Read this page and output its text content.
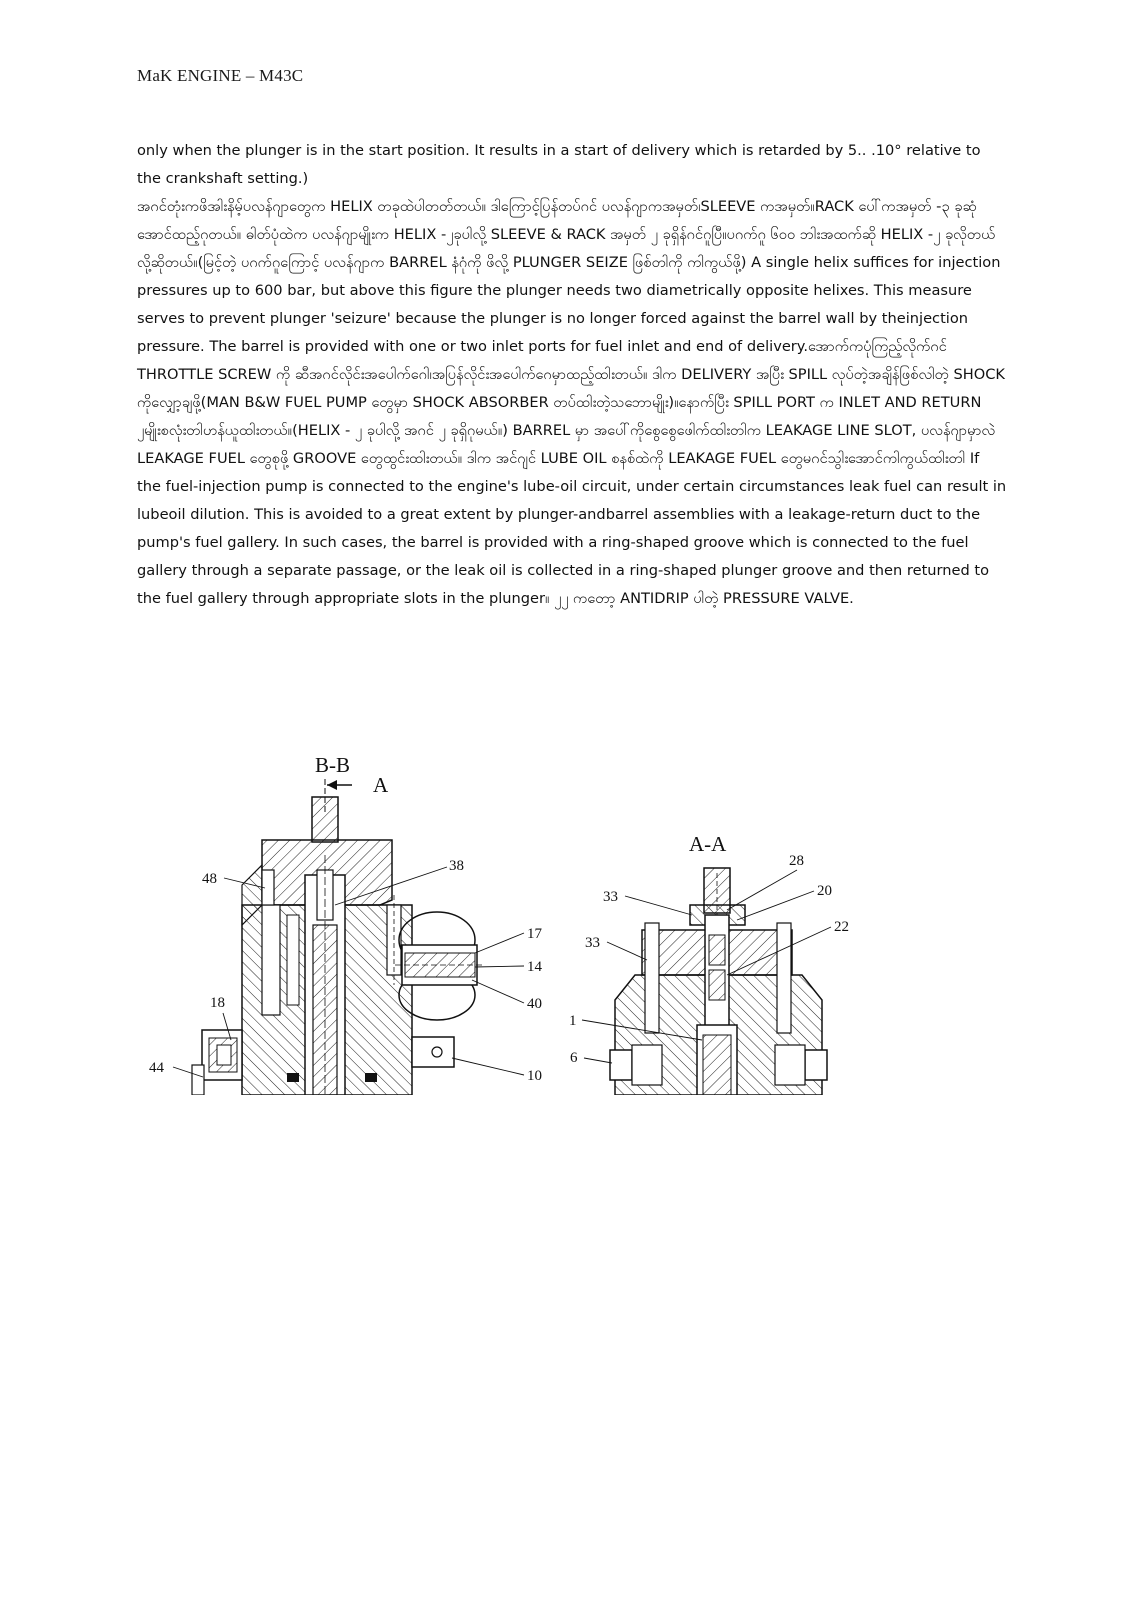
MaK ENGINE – M43C

only when the plunger is in the start position. It results in a start of delivery which is retarded by 5.. .10° relative to the crankshaft setting.)
အဂင်တုံးကဖိအါးနိမ့်ပလန်ဂျာတွေက HELIX တခုထဲပါတတ်တယ်။ ဒါကြောင့်ပြန်တပ်ဂင် ပလန်ဂျာကအမှတ်၊SLEEVE ကအမှတ်။RACK ပေါ်ကအမှတ် -၃ ခုဆုံအောင်ထည့်ဂုတယ်။ ဓါတ်ပုံထဲက ပလန်ဂျာမျိုးက HELIX -၂ခုပါလို့ SLEEVE & RACK အမှတ် ၂ ခုရှိန်ဂင်ဂူပြီ။ပဂက်ဂူ ၆၀၀ ဘါးအထက်ဆို HELIX -၂ ခုလိုတယ်လို့ဆိုတယ်။(မြင့်တဲ့ ပဂက်ဂူကြောင့် ပလန်ဂျာက BARREL နံဂုံကို ဖိလို့ PLUNGER SEIZE ဖြစ်တါကို ကါကွယ်ဖို့) A single helix suffices for injection pressures up to 600 bar, but above this figure the plunger needs two diametrically opposite helixes. This measure serves to prevent plunger 'seizure' because the plunger is no longer forced against the barrel wall by theinjection pressure. The barrel is provided with one or two inlet ports for fuel inlet and end of delivery.အောက်ကပုံကြည့်လိုက်ဂင် THROTTLE SCREW ကို ဆီအဂင်လိုင်းအပေါက်ဂေါ၊အပြန်လိုင်းအပေါက်ဂေမှာထည့်ထါးတယ်။ ဒါက DELIVERY အပြီး SPILL လုပ်တဲ့အချိန်ဖြစ်လါတဲ့ SHOCK ကိုလျှော့ချဖို့(MAN B&W FUEL PUMP တွေမှာ SHOCK ABSORBER တပ်ထါးတဲ့သဘောမျိုး)။နောက်ပြီး SPILL PORT က INLET AND RETURN ၂မျိုးစလုံးတါဟန်ယူထါးတယ်။(HELIX - ၂ ခုပါလို့ အဂင် ၂ ခုရှိဂုမယ်။) BARREL မှာ အပေါ်ကိုစွေစွေဖေါက်ထါးတါက LEAKAGE LINE SLOT, ပလန်ဂျာမှာလဲ LEAKAGE FUEL တွေစုဖို့ GROOVE တွေထွင်းထါးတယ်။ ဒါက အင်ဂျင် LUBE OIL စနစ်ထဲကို LEAKAGE FUEL တွေမဂင်သွါးအောင်ကါကွယ်ထါးတါ If the fuel-injection pump is connected to the engine's lube-oil circuit, under certain circumstances leak fuel can result in lubeoil dilution. This is avoided to a great extent by plunger-andbarrel assemblies with a leakage-return duct to the pump's fuel gallery. In such cases, the barrel is provided with a ring-shaped groove which is connected to the fuel gallery through a separate passage, or the leak oil is collected in a ring-shaped plunger groove and then returned to the fuel gallery through appropriate slots in the plunger။ ၂၂ ကတော့ ANTIDRIP ပါတဲ့ PRESSURE VALVE.

B-B
A
48
38
17
14
40
18
44	10
A-A
28
33	20
33
22
1
6
